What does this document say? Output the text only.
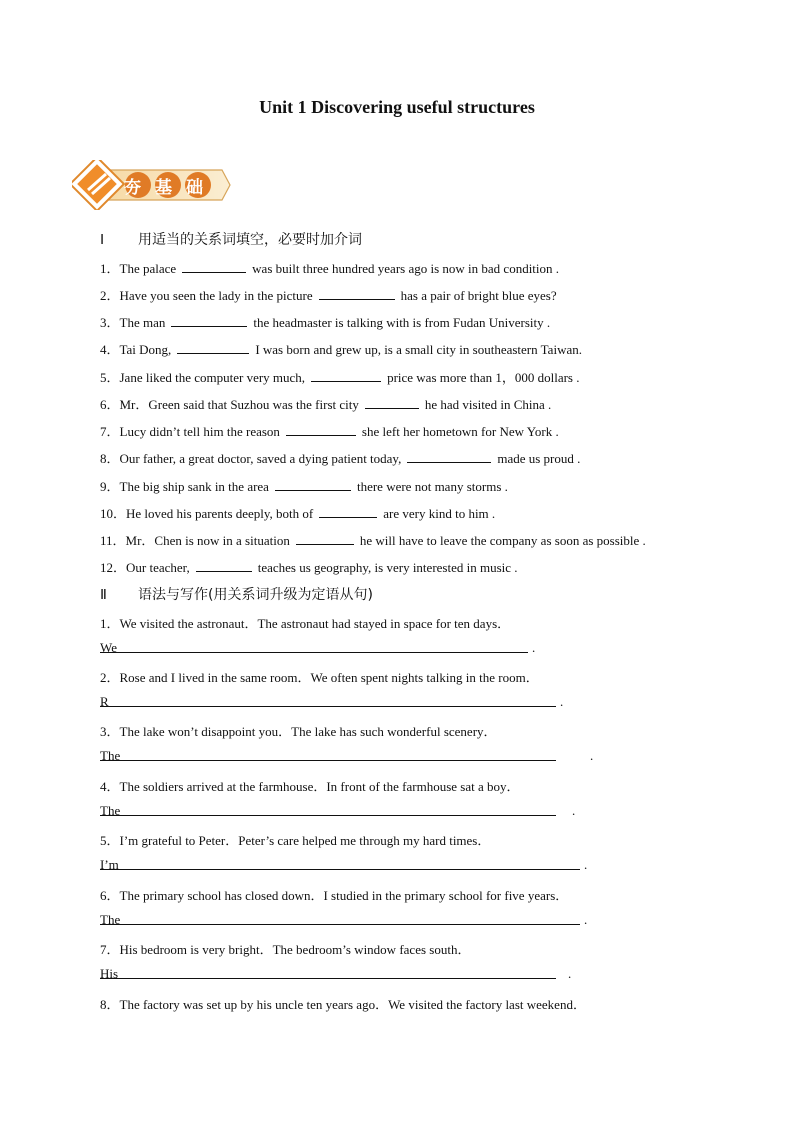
Unit 1 Discovering useful structures
夯基础
Ⅰ 用适当的关系词填空，必要时加介词
1．The palace	was built three hundred years ago is now in bad condition .
2．Have you seen the lady in the picture	has a pair of bright blue eyes?
3．The man	the headmaster is talking with is from Fudan University .
4．Tai Dong,	I was born and grew up, is a small city in southeastern Taiwan.
5．Jane liked the computer very much,	price was more than 1，000 dollars .
6．Mr．Green said that Suzhou was the first city	he had visited in China .
7．Lucy didn’t tell him the reason	she left her hometown for New York .
8．Our father, a great doctor, saved a dying patient today,	made us proud .
9．The big ship sank in the area	there were not many storms .
10．He loved his parents deeply, both of	are very kind to him .
11．Mr．Chen is now in a situation	he will have to leave the company as soon as possible .
12．Our teacher,	teaches us geography, is very interested in music .
1．We visited the astronaut．The astronaut had stayed in space for ten days．
We	.
2．Rose and I lived in the same room．We often spent nights talking in the room．
R	.
3．The lake won’t disappoint you．The lake has such wonderful scenery．
The	.
4．The soldiers arrived at the farmhouse．In front of the farmhouse sat a boy．
The	.
5．I’m grateful to Peter．Peter’s care helped me through my hard times．
I’m	.
6．The primary school has closed down．I studied in the primary school for five years．
The	.
7．His bedroom is very bright．The bedroom’s window faces south．
His	.
8．The factory was set up by his uncle ten years ago．We visited the factory last weekend．
Ⅱ 语法与写作(用关系词升级为定语从句)
